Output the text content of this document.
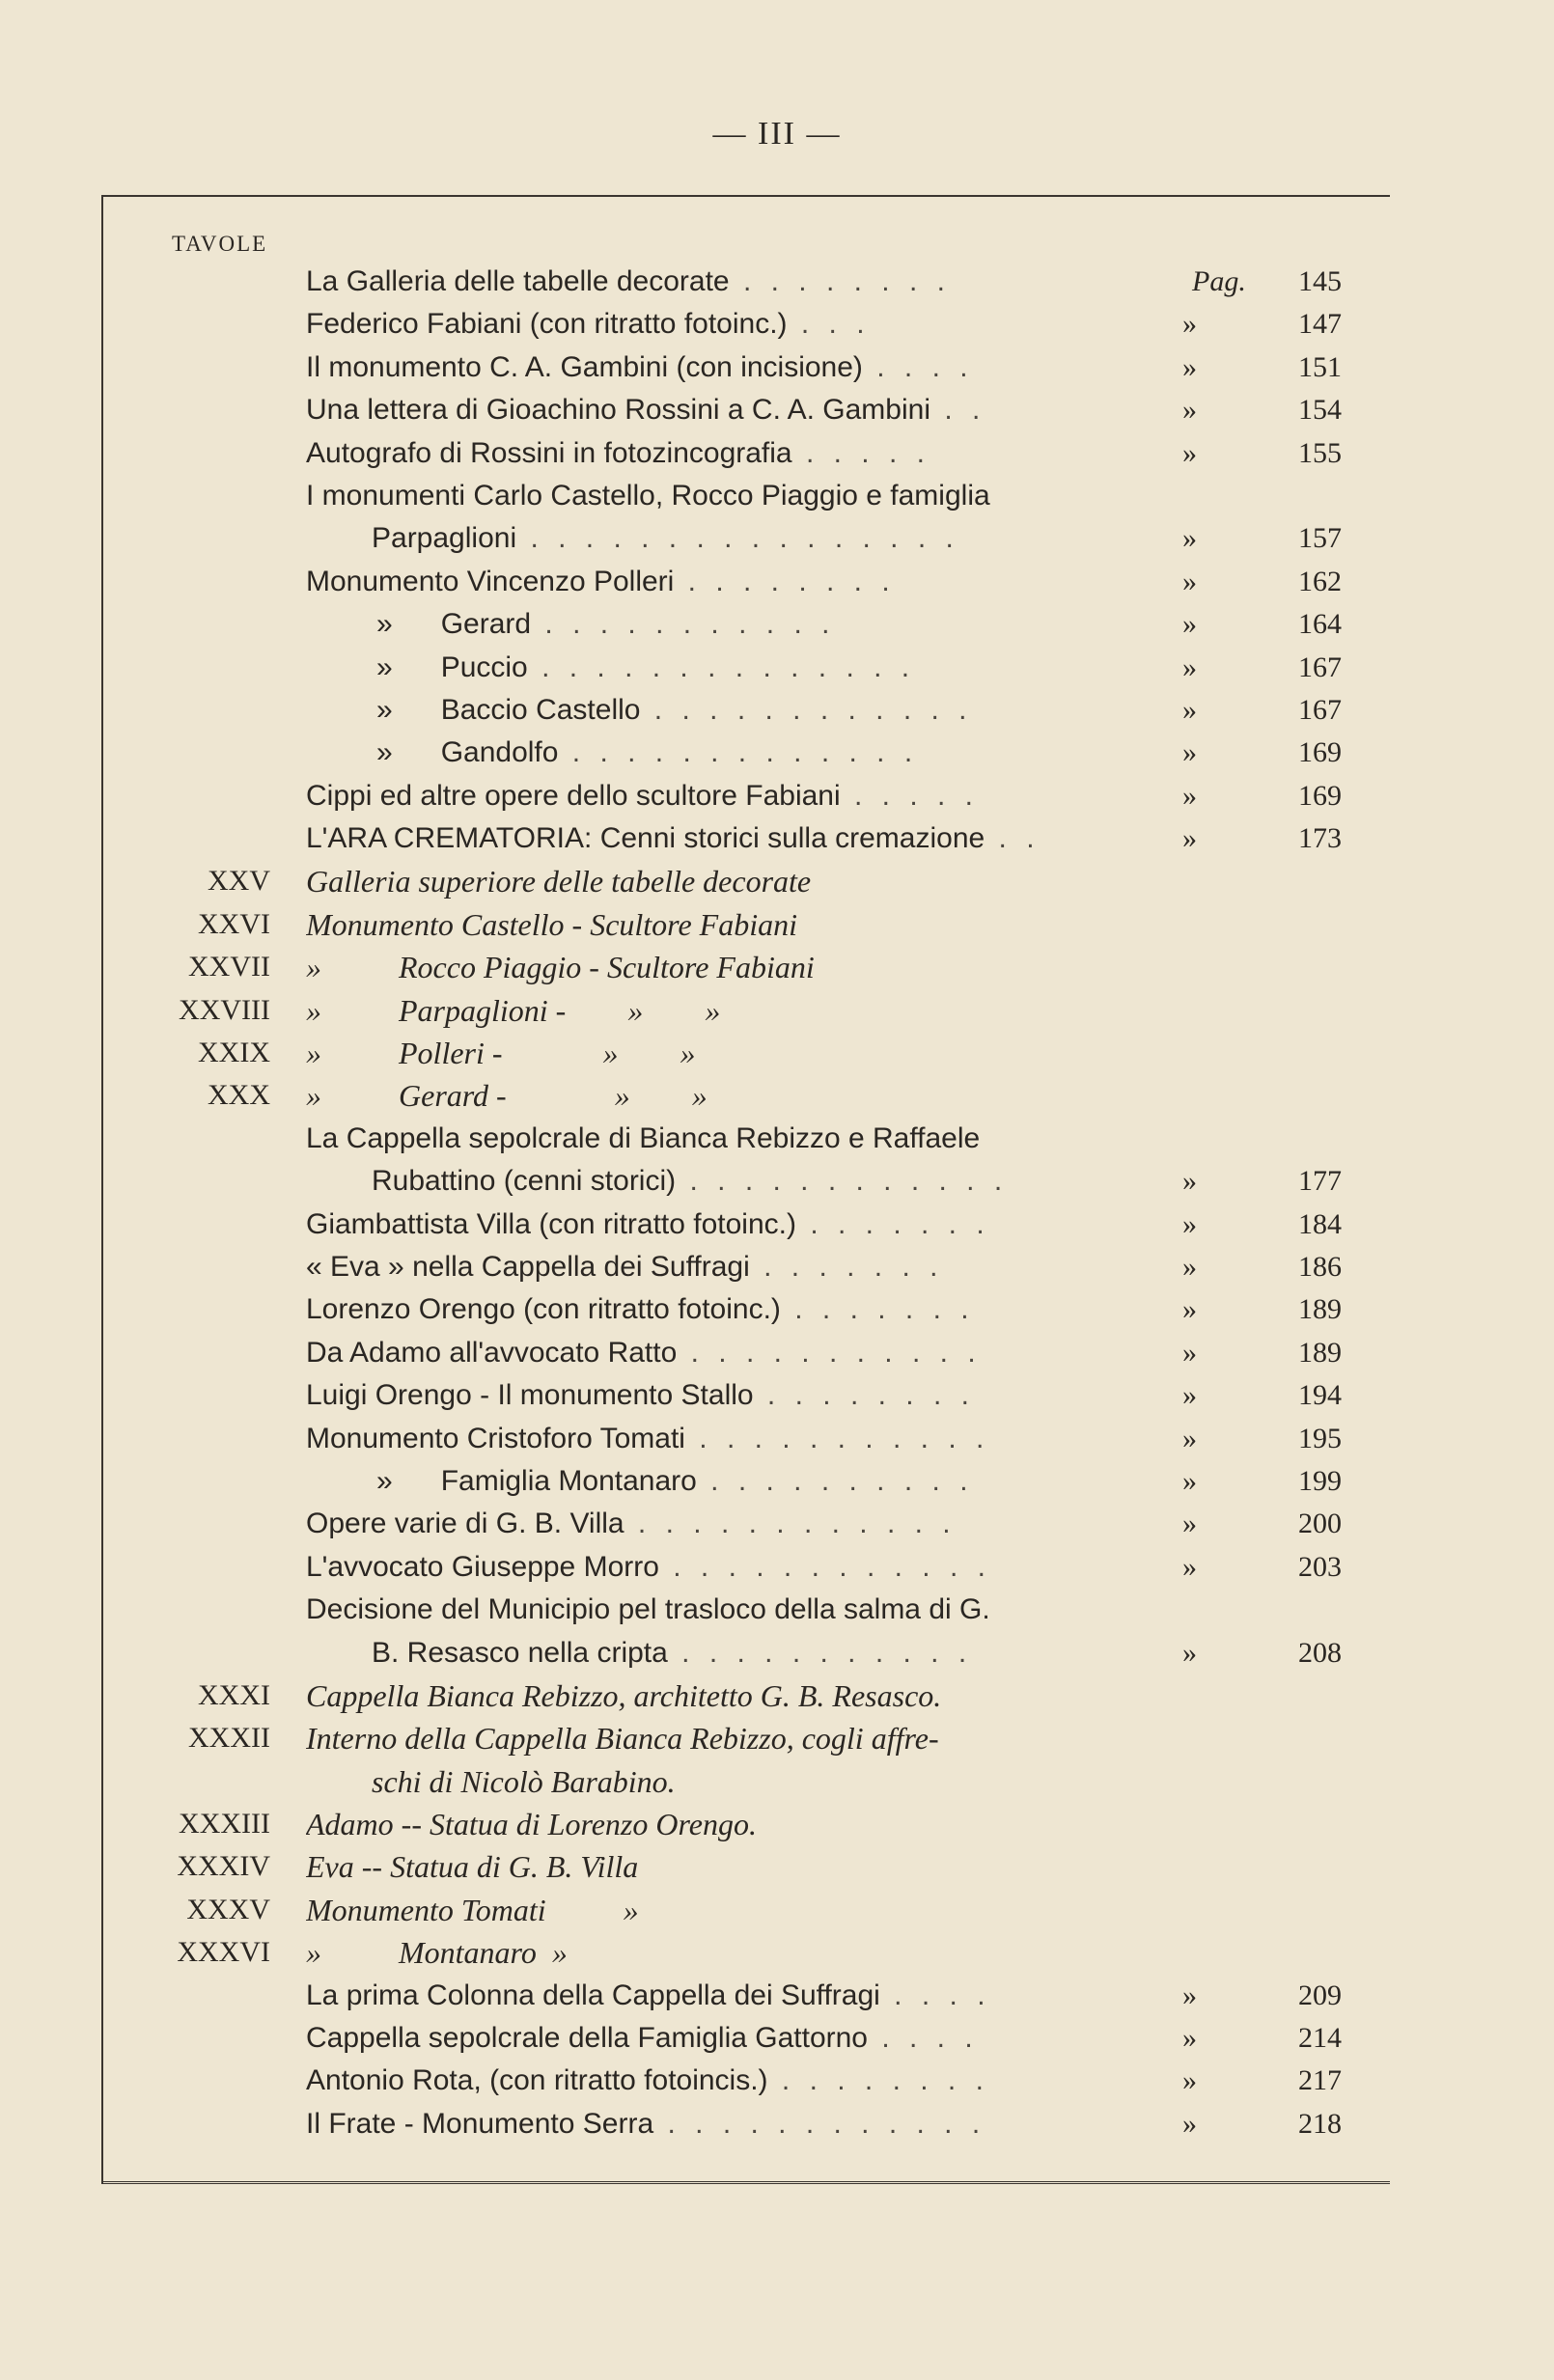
— III —
TAVOLE
La Galleria delle tabelle decorate . . . . . . . .	Pag.	145
Federico Fabiani (con ritratto fotoinc.) . . .	»	147
Il monumento C. A. Gambini (con incisione) . . . .	»	151
Una lettera di Gioachino Rossini a C. A. Gambini . .	»	154
Autografo di Rossini in fotozincografia . . . . .	»	155
I monumenti Carlo Castello, Rocco Piaggio e famiglia
Parpaglioni . . . . . . . . . . . . . . . .	»	157
Monumento Vincenzo Polleri . . . . . . . .	»	162
»      Gerard . . . . . . . . . . .	»	164
»      Puccio . . . . . . . . . . . . . .	»	167
»      Baccio Castello . . . . . . . . . . . .	»	167
»      Gandolfo . . . . . . . . . . . . .	»	169
Cippi ed altre opere dello scultore Fabiani . . . . .	»	169
L'ARA CREMATORIA: Cenni storici sulla cremazione . .	»	173
XXV Galleria superiore delle tabelle decorate
XXVI Monumento Castello - Scultore Fabiani
XXVII »          Rocco Piaggio - Scultore Fabiani
XXVIII »          Parpaglioni -        »        »
XXIX »          Polleri -             »        »
XXX »          Gerard -              »        »
La Cappella sepolcrale di Bianca Rebizzo e Raffaele
Rubattino (cenni storici) . . . . . . . . . . . .	»	177
Giambattista Villa (con ritratto fotoinc.) . . . . . . .	»	184
« Eva » nella Cappella dei Suffragi . . . . . . .	»	186
Lorenzo Orengo (con ritratto fotoinc.) . . . . . . .	»	189
Da Adamo all'avvocato Ratto . . . . . . . . . . .	»	189
Luigi Orengo - Il monumento Stallo . . . . . . . .	»	194
Monumento Cristoforo Tomati . . . . . . . . . . .	»	195
»      Famiglia Montanaro . . . . . . . . . .	»	199
Opere varie di G. B. Villa . . . . . . . . . . . .	»	200
L'avvocato Giuseppe Morro . . . . . . . . . . . .	»	203
Decisione del Municipio pel trasloco della salma di G.
B. Resasco nella cripta . . . . . . . . . . .	»	208
XXXI Cappella Bianca Rebizzo, architetto G. B. Resasco.
XXXII Interno della Cappella Bianca Rebizzo, cogli affre-
schi di Nicolò Barabino.
XXXIII Adamo -- Statua di Lorenzo Orengo.
XXXIV Eva -- Statua di G. B. Villa
XXXV Monumento Tomati          »
XXXVI »          Montanaro  »
La prima Colonna della Cappella dei Suffragi . . . .	»	209
Cappella sepolcrale della Famiglia Gattorno . . . .	»	214
Antonio Rota, (con ritratto fotoincis.) . . . . . . . .	»	217
Il Frate - Monumento Serra . . . . . . . . . . . .	»	218
